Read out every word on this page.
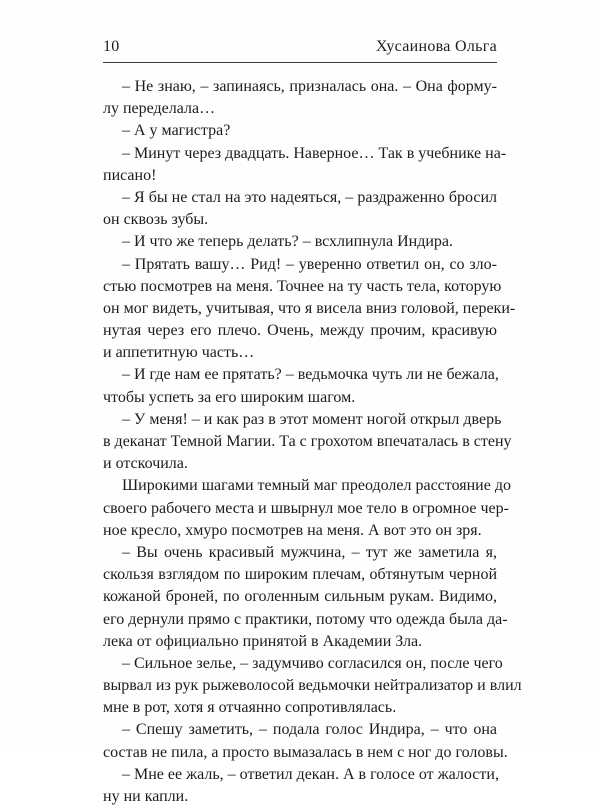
10	Хусаинова Ольга
– Не знаю, – запинаясь, призналась она. – Она форму-
лу переделала…
– А у магистра?
– Минут через двадцать. Наверное… Так в учебнике на-
писано!
– Я бы не стал на это надеяться, – раздраженно бросил
он сквозь зубы.
– И что же теперь делать? – всхлипнула Индира.
– Прятать вашу… Рид! – уверенно ответил он, со зло-
стью посмотрев на меня. Точнее на ту часть тела, которую
он мог видеть, учитывая, что я висела вниз головой, переки-
нутая через его плечо. Очень, между прочим, красивую
и аппетитную часть…
– И где нам ее прятать? – ведьмочка чуть ли не бежала,
чтобы успеть за его широким шагом.
– У меня! – и как раз в этот момент ногой открыл дверь
в деканат Темной Магии. Та с грохотом впечаталась в стену
и отскочила.
Широкими шагами темный маг преодолел расстояние до
своего рабочего места и швырнул мое тело в огромное чер-
ное кресло, хмуро посмотрев на меня. А вот это он зря.
– Вы очень красивый мужчина, – тут же заметила я,
скользя взглядом по широким плечам, обтянутым черной
кожаной броней, по оголенным сильным рукам. Видимо,
его дернули прямо с практики, потому что одежда была да-
лека от официально принятой в Академии Зла.
– Сильное зелье, – задумчиво согласился он, после чего
вырвал из рук рыжеволосой ведьмочки нейтрализатор и влил
мне в рот, хотя я отчаянно сопротивлялась.
– Спешу заметить, – подала голос Индира, – что она
состав не пила, а просто вымазалась в нем с ног до головы.
– Мне ее жаль, – ответил декан. А в голосе от жалости,
ну ни капли.
